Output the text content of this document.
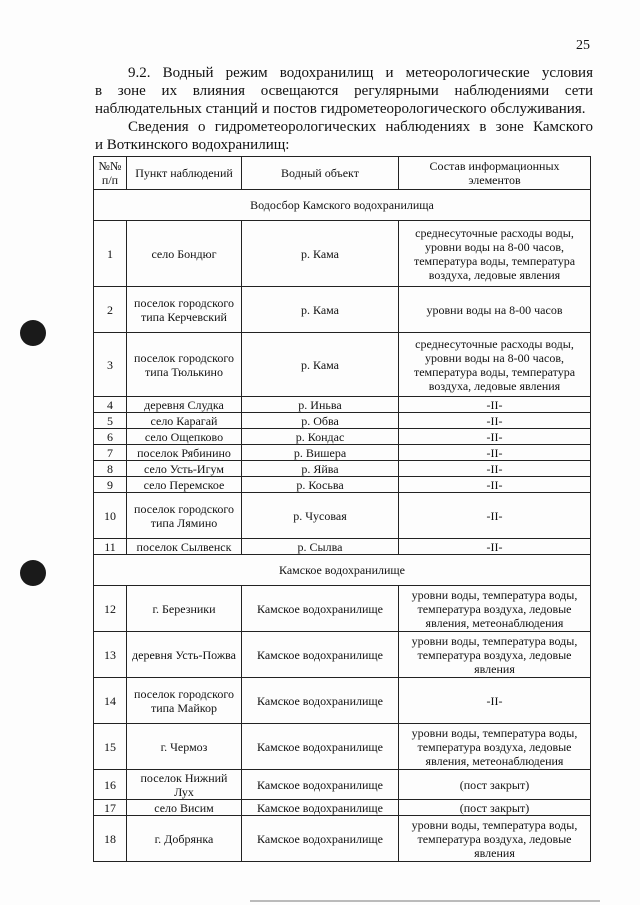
25
9.2. Водный режим водохранилищ и метеорологические условия
в зоне их влияния освещаются регулярными наблюдениями сети
наблюдательных станций и постов гидрометеорологического обслуживания.
Сведения о гидрометеорологических наблюдениях в зоне Камского
и Воткинского водохранилищ:
№№ п/п	Пункт наблюдений	Водный объект	Состав информационных элементов
Водосбор Камского водохранилища			
1	село Бондюг	р. Кама	среднесуточные расходы воды, уровни воды на 8-00 часов, температура воды, температура воздуха, ледовые явления
2	поселок городского типа Керчевский	р. Кама	уровни воды на 8-00 часов
3	поселок городского типа Тюлькино	р. Кама	среднесуточные расходы воды, уровни воды на 8-00 часов, температура воды, температура воздуха, ледовые явления
4	деревня Слудка	р. Иньва	-II-
5	село Карагай	р. Обва	-II-
6	село Ощепково	р. Кондас	-II-
7	поселок Рябинино	р. Вишера	-II-
8	село Усть-Игум	р. Яйва	-II-
9	село Перемское	р. Косьва	-II-
10	поселок городского типа Лямино	р. Чусовая	-II-
11	поселок Сылвенск	р. Сылва	-II-
Камское водохранилище			
12	г. Березники	Камское водохранилище	уровни воды, температура воды, температура воздуха, ледовые явления, метеонаблюдения
13	деревня Усть-Пожва	Камское водохранилище	уровни воды, температура воды, температура воздуха, ледовые явления
14	поселок городского типа Майкор	Камское водохранилище	-II-
15	г. Чермоз	Камское водохранилище	уровни воды, температура воды, температура воздуха, ледовые явления, метеонаблюдения
16	поселок Нижний Лух	Камское водохранилище	(пост закрыт)
17	село Висим	Камское водохранилище	(пост закрыт)
18	г. Добрянка	Камское водохранилище	уровни воды, температура воды, температура воздуха, ледовые явления
